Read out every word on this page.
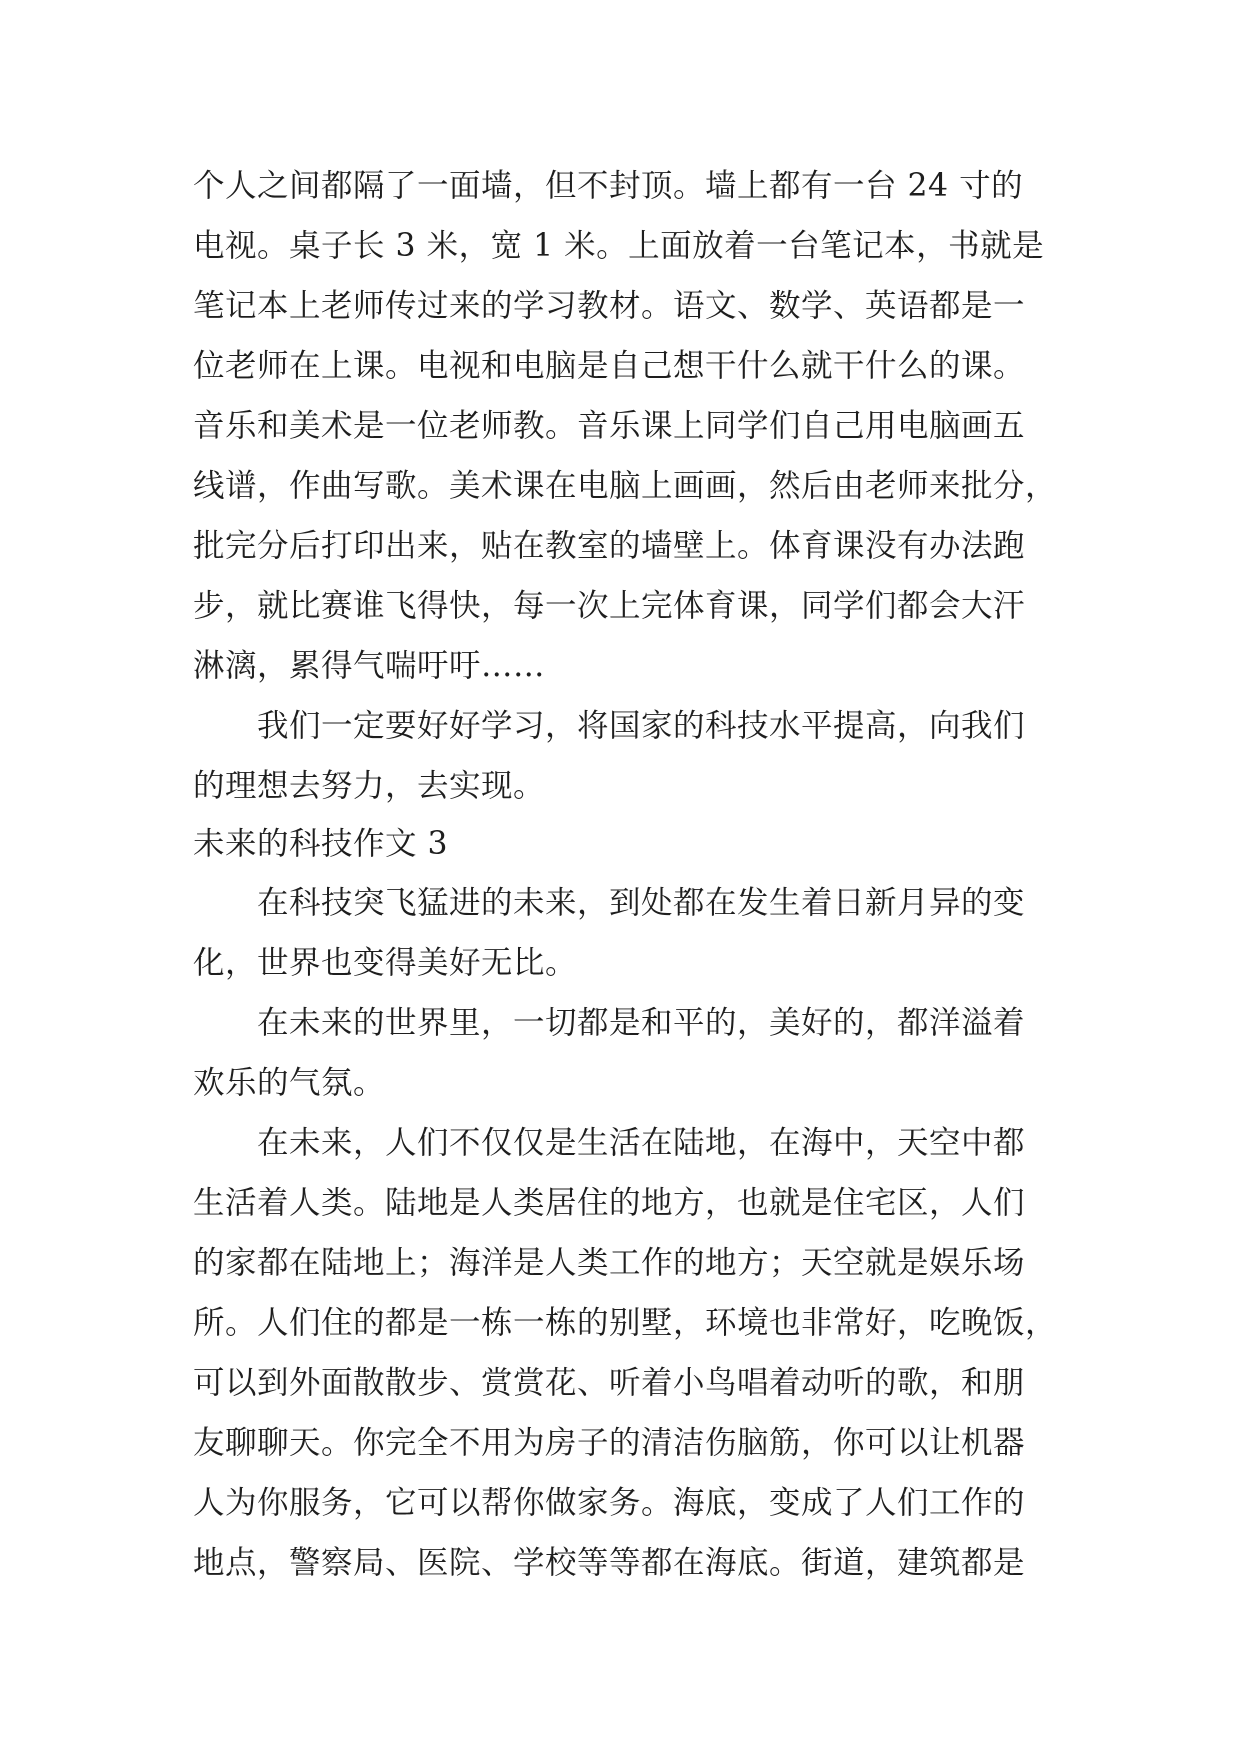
个人之间都隔了一面墙，但不封顶。墙上都有一台 24 寸的
电视。桌子长 3 米，宽 1 米。上面放着一台笔记本，书就是
笔记本上老师传过来的学习教材。语文、数学、英语都是一
位老师在上课。电视和电脑是自己想干什么就干什么的课。
音乐和美术是一位老师教。音乐课上同学们自己用电脑画五
线谱，作曲写歌。美术课在电脑上画画，然后由老师来批分，
批完分后打印出来，贴在教室的墙壁上。体育课没有办法跑
步，就比赛谁飞得快，每一次上完体育课，同学们都会大汗
淋漓，累得气喘吁吁……
我们一定要好好学习，将国家的科技水平提高，向我们
的理想去努力，去实现。
未来的科技作文 3
在科技突飞猛进的未来，到处都在发生着日新月异的变
化，世界也变得美好无比。
在未来的世界里，一切都是和平的，美好的，都洋溢着
欢乐的气氛。
在未来，人们不仅仅是生活在陆地，在海中，天空中都
生活着人类。陆地是人类居住的地方，也就是住宅区，人们
的家都在陆地上；海洋是人类工作的地方；天空就是娱乐场
所。人们住的都是一栋一栋的别墅，环境也非常好，吃晚饭，
可以到外面散散步、赏赏花、听着小鸟唱着动听的歌，和朋
友聊聊天。你完全不用为房子的清洁伤脑筋，你可以让机器
人为你服务，它可以帮你做家务。海底，变成了人们工作的
地点，警察局、医院、学校等等都在海底。街道，建筑都是
